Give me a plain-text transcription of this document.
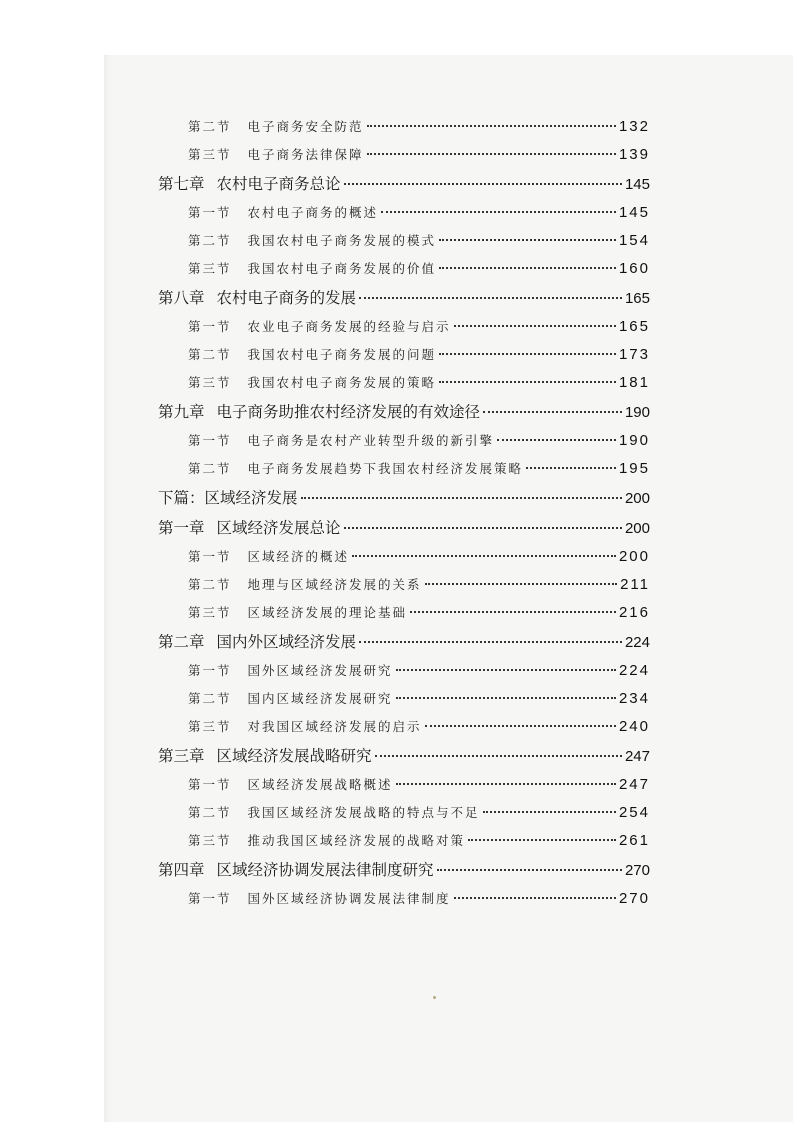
第二节 电子商务安全防范	132
第三节 电子商务法律保障	139
第七章 农村电子商务总论	145
第一节 农村电子商务的概述	145
第二节 我国农村电子商务发展的模式	154
第三节 我国农村电子商务发展的价值	160
第八章 农村电子商务的发展	165
第一节 农业电子商务发展的经验与启示	165
第二节 我国农村电子商务发展的问题	173
第三节 我国农村电子商务发展的策略	181
第九章 电子商务助推农村经济发展的有效途径	190
第一节 电子商务是农村产业转型升级的新引擎	190
第二节 电子商务发展趋势下我国农村经济发展策略	195
下篇：区域经济发展	200
第一章 区域经济发展总论	200
第一节 区域经济的概述	200
第二节 地理与区域经济发展的关系	211
第三节 区域经济发展的理论基础	216
第二章 国内外区域经济发展	224
第一节 国外区域经济发展研究	224
第二节 国内区域经济发展研究	234
第三节 对我国区域经济发展的启示	240
第三章 区域经济发展战略研究	247
第一节 区域经济发展战略概述	247
第二节 我国区域经济发展战略的特点与不足	254
第三节 推动我国区域经济发展的战略对策	261
第四章 区域经济协调发展法律制度研究	270
第一节 国外区域经济协调发展法律制度	270
